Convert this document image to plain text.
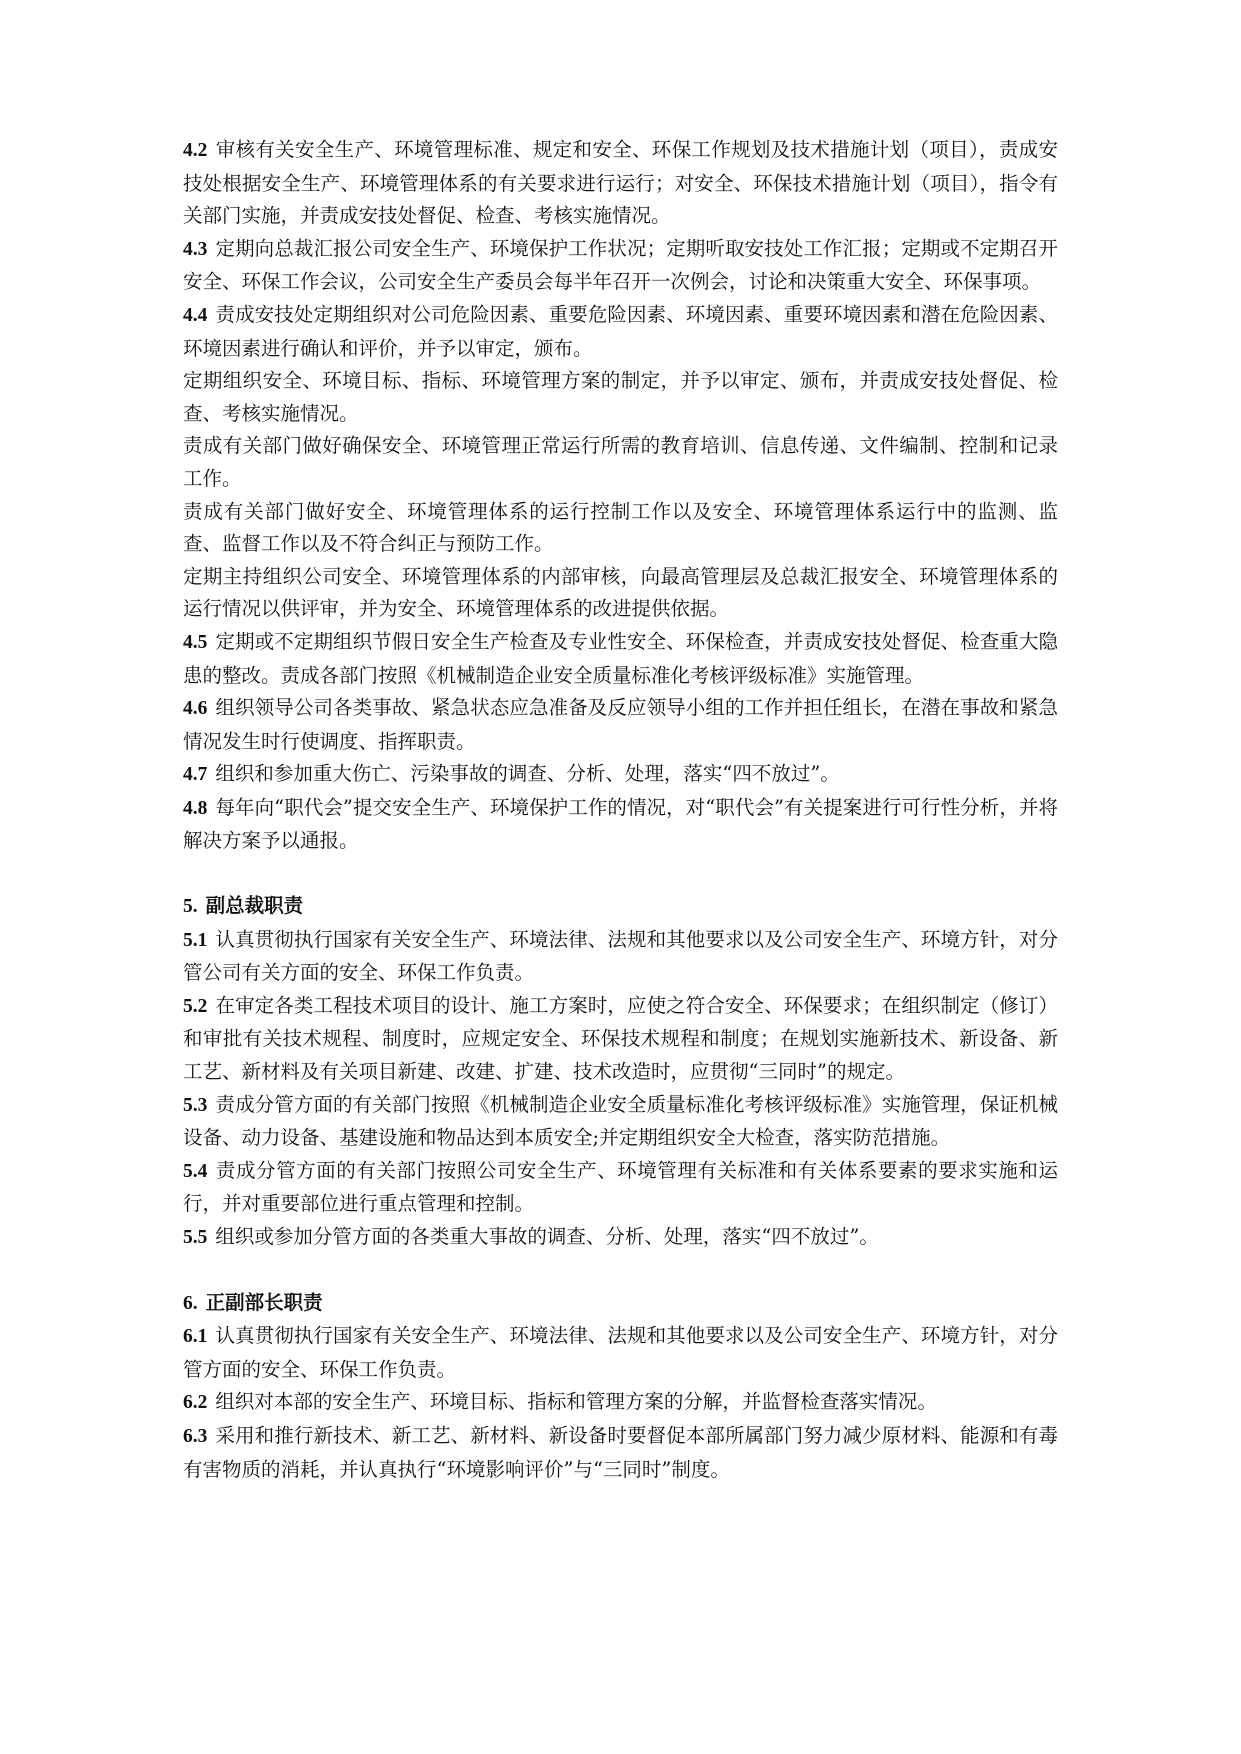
4.2 审核有关安全生产、环境管理标准、规定和安全、环保工作规划及技术措施计划（项目），责成安技处根据安全生产、环境管理体系的有关要求进行运行；对安全、环保技术措施计划（项目），指令有关部门实施，并责成安技处督促、检查、考核实施情况。

4.3 定期向总裁汇报公司安全生产、环境保护工作状况；定期听取安技处工作汇报；定期或不定期召开安全、环保工作会议，公司安全生产委员会每半年召开一次例会，讨论和决策重大安全、环保事项。

4.4 责成安技处定期组织对公司危险因素、重要危险因素、环境因素、重要环境因素和潜在危险因素、环境因素进行确认和评价，并予以审定，颁布。

定期组织安全、环境目标、指标、环境管理方案的制定，并予以审定、颁布，并责成安技处督促、检查、考核实施情况。

责成有关部门做好确保安全、环境管理正常运行所需的教育培训、信息传递、文件编制、控制和记录工作。

责成有关部门做好安全、环境管理体系的运行控制工作以及安全、环境管理体系运行中的监测、监查、监督工作以及不符合纠正与预防工作。

定期主持组织公司安全、环境管理体系的内部审核，向最高管理层及总裁汇报安全、环境管理体系的运行情况以供评审，并为安全、环境管理体系的改进提供依据。

4.5 定期或不定期组织节假日安全生产检查及专业性安全、环保检查，并责成安技处督促、检查重大隐患的整改。责成各部门按照《机械制造企业安全质量标准化考核评级标准》实施管理。

4.6 组织领导公司各类事故、紧急状态应急准备及反应领导小组的工作并担任组长，在潜在事故和紧急情况发生时行使调度、指挥职责。

4.7 组织和参加重大伤亡、污染事故的调查、分析、处理，落实“四不放过”。

4.8 每年向“职代会”提交安全生产、环境保护工作的情况，对“职代会”有关提案进行可行性分析，并将解决方案予以通报。

5. 副总裁职责

5.1 认真贯彻执行国家有关安全生产、环境法律、法规和其他要求以及公司安全生产、环境方针，对分管公司有关方面的安全、环保工作负责。

5.2 在审定各类工程技术项目的设计、施工方案时，应使之符合安全、环保要求；在组织制定（修订）和审批有关技术规程、制度时，应规定安全、环保技术规程和制度；在规划实施新技术、新设备、新工艺、新材料及有关项目新建、改建、扩建、技术改造时，应贯彻“三同时”的规定。

5.3 责成分管方面的有关部门按照《机械制造企业安全质量标准化考核评级标准》实施管理，保证机械设备、动力设备、基建设施和物品达到本质安全;并定期组织安全大检查，落实防范措施。

5.4 责成分管方面的有关部门按照公司安全生产、环境管理有关标准和有关体系要素的要求实施和运行，并对重要部位进行重点管理和控制。

5.5 组织或参加分管方面的各类重大事故的调查、分析、处理，落实“四不放过”。

6. 正副部长职责

6.1 认真贯彻执行国家有关安全生产、环境法律、法规和其他要求以及公司安全生产、环境方针，对分管方面的安全、环保工作负责。

6.2 组织对本部的安全生产、环境目标、指标和管理方案的分解，并监督检查落实情况。

6.3 采用和推行新技术、新工艺、新材料、新设备时要督促本部所属部门努力减少原材料、能源和有毒有害物质的消耗，并认真执行“环境影响评价”与“三同时”制度。
